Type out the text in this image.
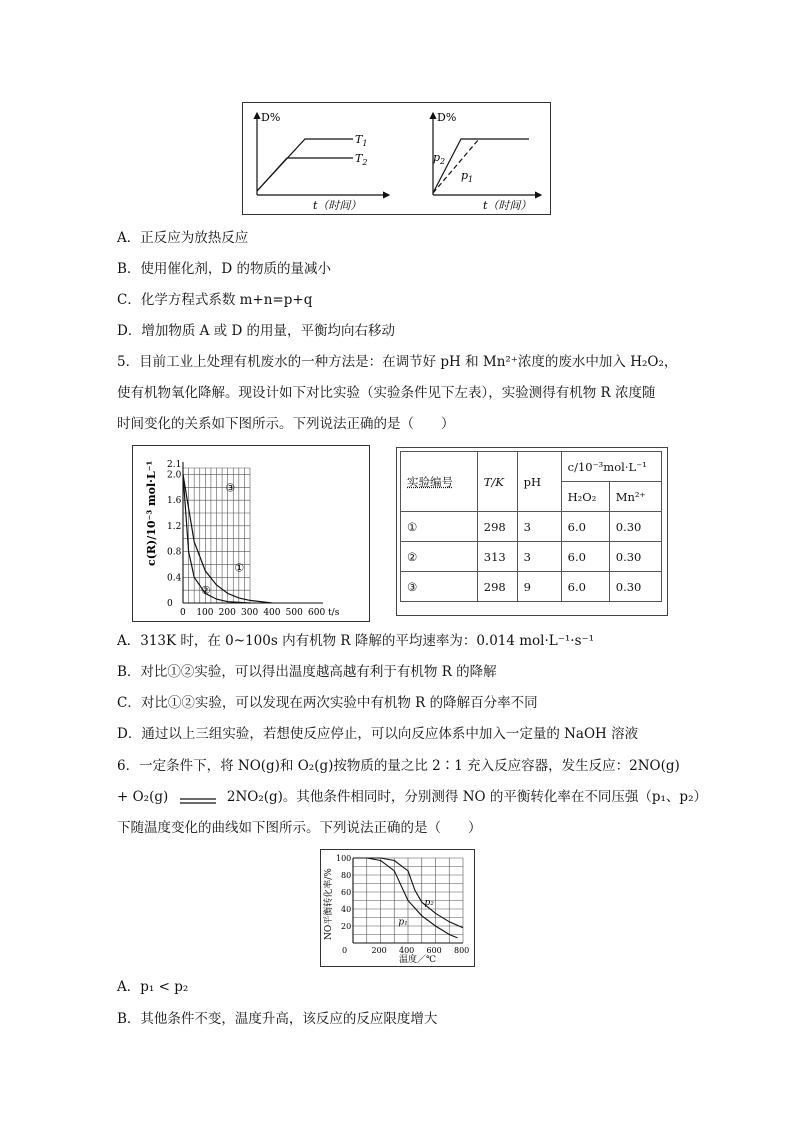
D%
t（时间）
$T_1$
$T_2$
D%
t（时间）
$p_2$
$p_1$
A．正反应为放热反应
B．使用催化剂，D 的物质的量减小
C．化学方程式系数 m+n=p+q
D．增加物质 A 或 D 的用量，平衡均向右移动
5．目前工业上处理有机废水的一种方法是：在调节好 pH 和 Mn²⁺浓度的废水中加入 H₂O₂，
使有机物氧化降解。现设计如下对比实验（实验条件见下左表），实验测得有机物 R 浓度随
时间变化的关系如下图所示。下列说法正确的是（　　）
0 100 200 300 400 500 600 t/s
0
0.4
0.8
1.2
1.6
2.0
2.1
①
②
③
c(R)/10⁻³ mol·L⁻¹	实验编号	T/K	pH	c/10⁻³mol·L⁻¹	
			H₂O₂	Mn²⁺
①	298	3	6.0	0.30
②	313	3	6.0	0.30
③	298	9	6.0	0.30
A．313K 时，在 0~100s 内有机物 R 降解的平均速率为：0.014 mol·L⁻¹·s⁻¹
B．对比①②实验，可以得出温度越高越有利于有机物 R 的降解
C．对比①②实验，可以发现在两次实验中有机物 R 的降解百分率不同
D．通过以上三组实验，若想使反应停止，可以向反应体系中加入一定量的 NaOH 溶液
6．一定条件下，将 NO(g)和 O₂(g)按物质的量之比 2∶1 充入反应容器，发生反应：2NO(g)
+ O₂(g)	2NO₂(g)。其他条件相同时，分别测得 NO 的平衡转化率在不同压强（p₁、p₂）
下随温度变化的曲线如下图所示。下列说法正确的是（　　）
0	200 400 600 800
20
40
60
80
100
p₁
p₂
NO平衡转化率/%
温度／℃
A．p₁ < p₂
B．其他条件不变，温度升高，该反应的反应限度增大
